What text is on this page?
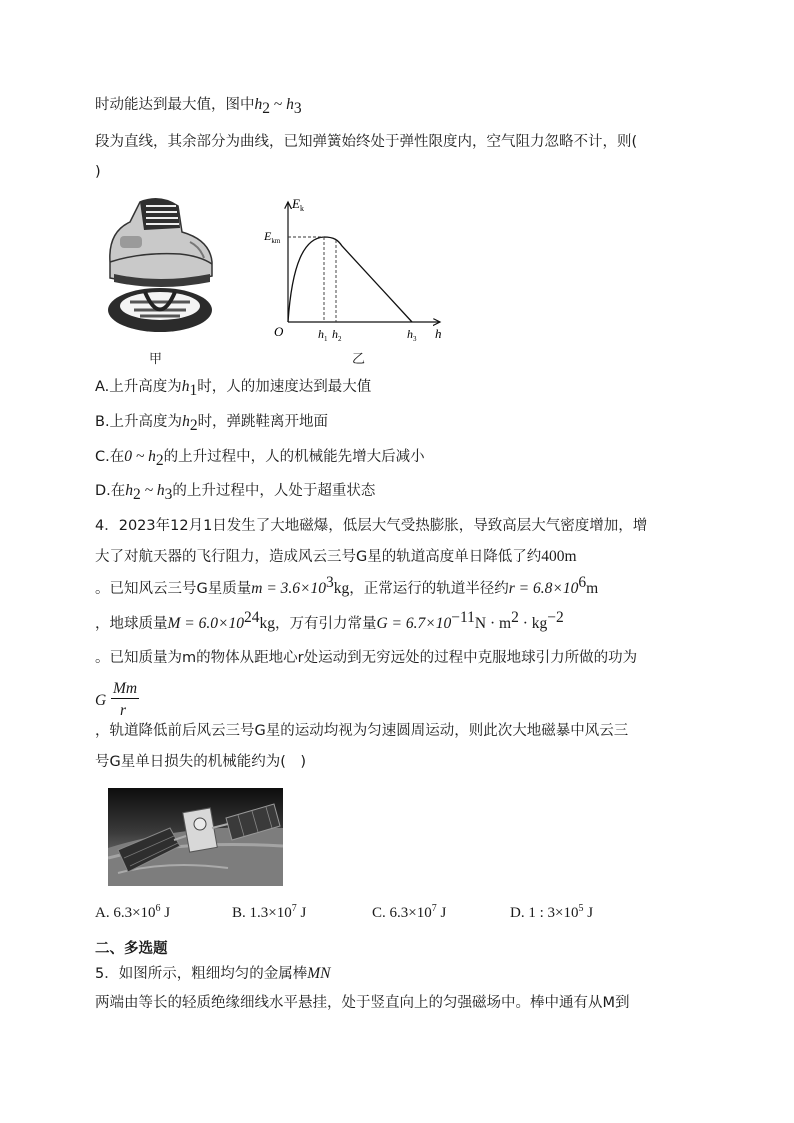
时动能达到最大值，图中$h_2$ ~ $h_3$
段为直线，其余部分为曲线，已知弹簧始终处于弹性限度内，空气阻力忽略不计，则(
)
甲
$E_k$
$E_{km}$
O	$h_1$ $h_2$	$h_3$ h
乙
A.上升高度为$h_1$时，人的加速度达到最大值
B.上升高度为$h_2$时，弹跳鞋离开地面
C.在0 ~ $h_2$的上升过程中，人的机械能先增大后减小
D.在$h_2$ ~ $h_3$的上升过程中，人处于超重状态
4．2023年12月1日发生了大地磁爆，低层大气受热膨胀，导致高层大气密度增加，增
大了对航天器的飞行阻力，造成风云三号G星的轨道高度单日降低了约400m
。已知风云三号G星质量$m = 3.6\times 10^3kg$，正常运行的轨道半径约$r = 6.8\times 10^6m$
，地球质量$M = 6.0\times 10^{24}kg$，万有引力常量$G = 6.7\times 10^{-11}N \cdot m^2 \cdot kg^{-2}$
。已知质量为m的物体从距地心r处运动到无穷远处的过程中克服地球引力所做的功为
G
Mm
r
，轨道降低前后风云三号G星的运动均视为匀速圆周运动，则此次大地磁暴中风云三
号G星单日损失的机械能约为(　)
A. $6.3\times 10^6$ J	B. $1.3\times 10^7$ J	C. $6.3\times 10^7$ J	D. 1 : $3\times 10^5$ J
二、多选题
5．如图所示，粗细均匀的金属棒MN
两端由等长的轻质绝缘细线水平悬挂，处于竖直向上的匀强磁场中。棒中通有从M到
